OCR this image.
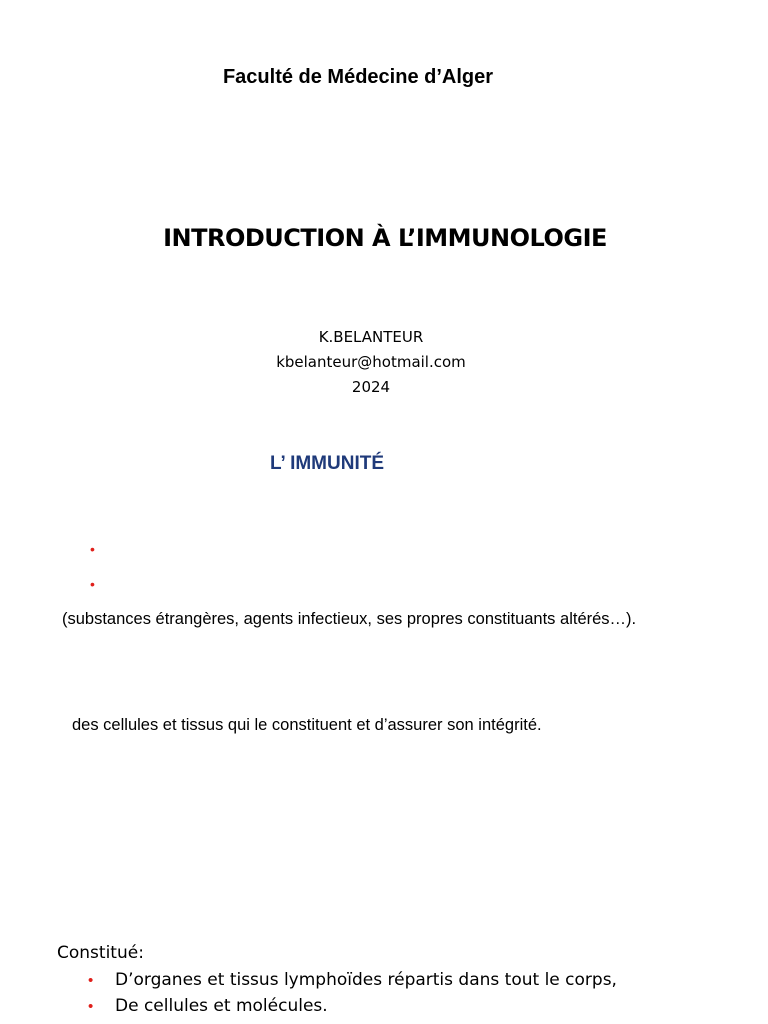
Faculté de Médecine d’Alger
INTRODUCTION À L’IMMUNOLOGIE
K.BELANTEUR
kbelanteur@hotmail.com
2024
L’ IMMUNITÉ
•
•
(substances étrangères, agents infectieux, ses propres constituants altérés…).
des cellules et tissus qui le constituent et d’assurer son intégrité.
Constitué:
• D’organes et tissus lymphoïdes répartis dans tout le corps,
• De cellules et molécules.
